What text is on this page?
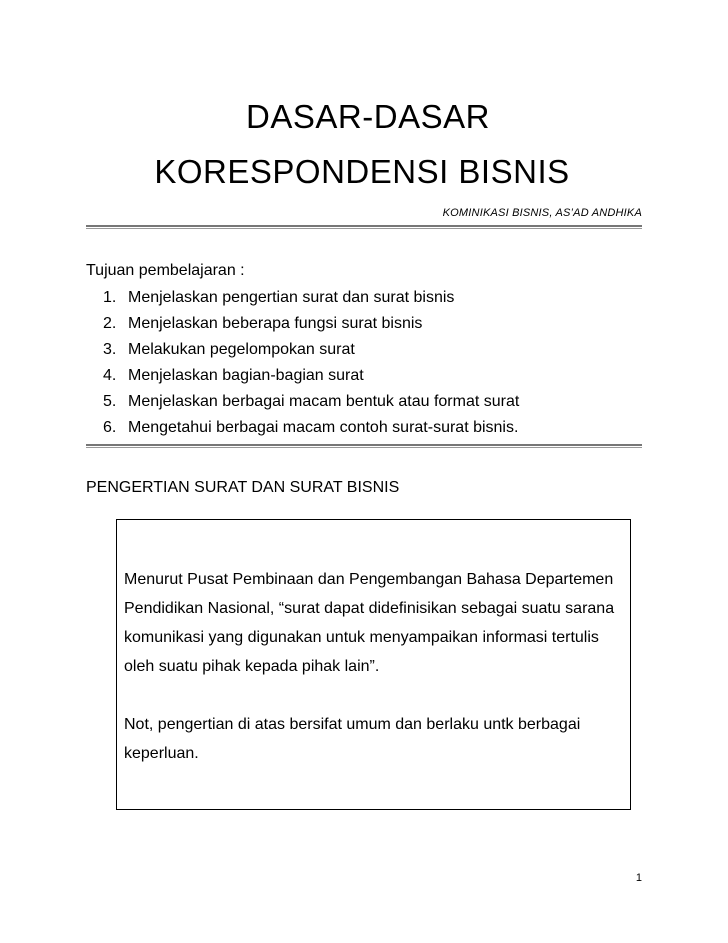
DASAR-DASAR
KORESPONDENSI BISNIS
KOMINIKASI BISNIS, AS’AD ANDHIKA
Tujuan pembelajaran :
1. Menjelaskan pengertian surat dan surat bisnis
2. Menjelaskan beberapa fungsi surat bisnis
3. Melakukan pegelompokan surat
4. Menjelaskan bagian-bagian surat
5. Menjelaskan berbagai macam bentuk atau format surat
6. Mengetahui berbagai macam contoh surat-surat bisnis.
PENGERTIAN SURAT DAN SURAT BISNIS

Menurut Pusat Pembinaan dan Pengembangan Bahasa Departemen Pendidikan Nasional, “surat dapat didefinisikan sebagai suatu sarana komunikasi yang digunakan untuk menyampaikan informasi tertulis oleh suatu pihak kepada pihak lain”.

Not, pengertian di atas bersifat umum dan berlaku untk berbagai keperluan.

1
